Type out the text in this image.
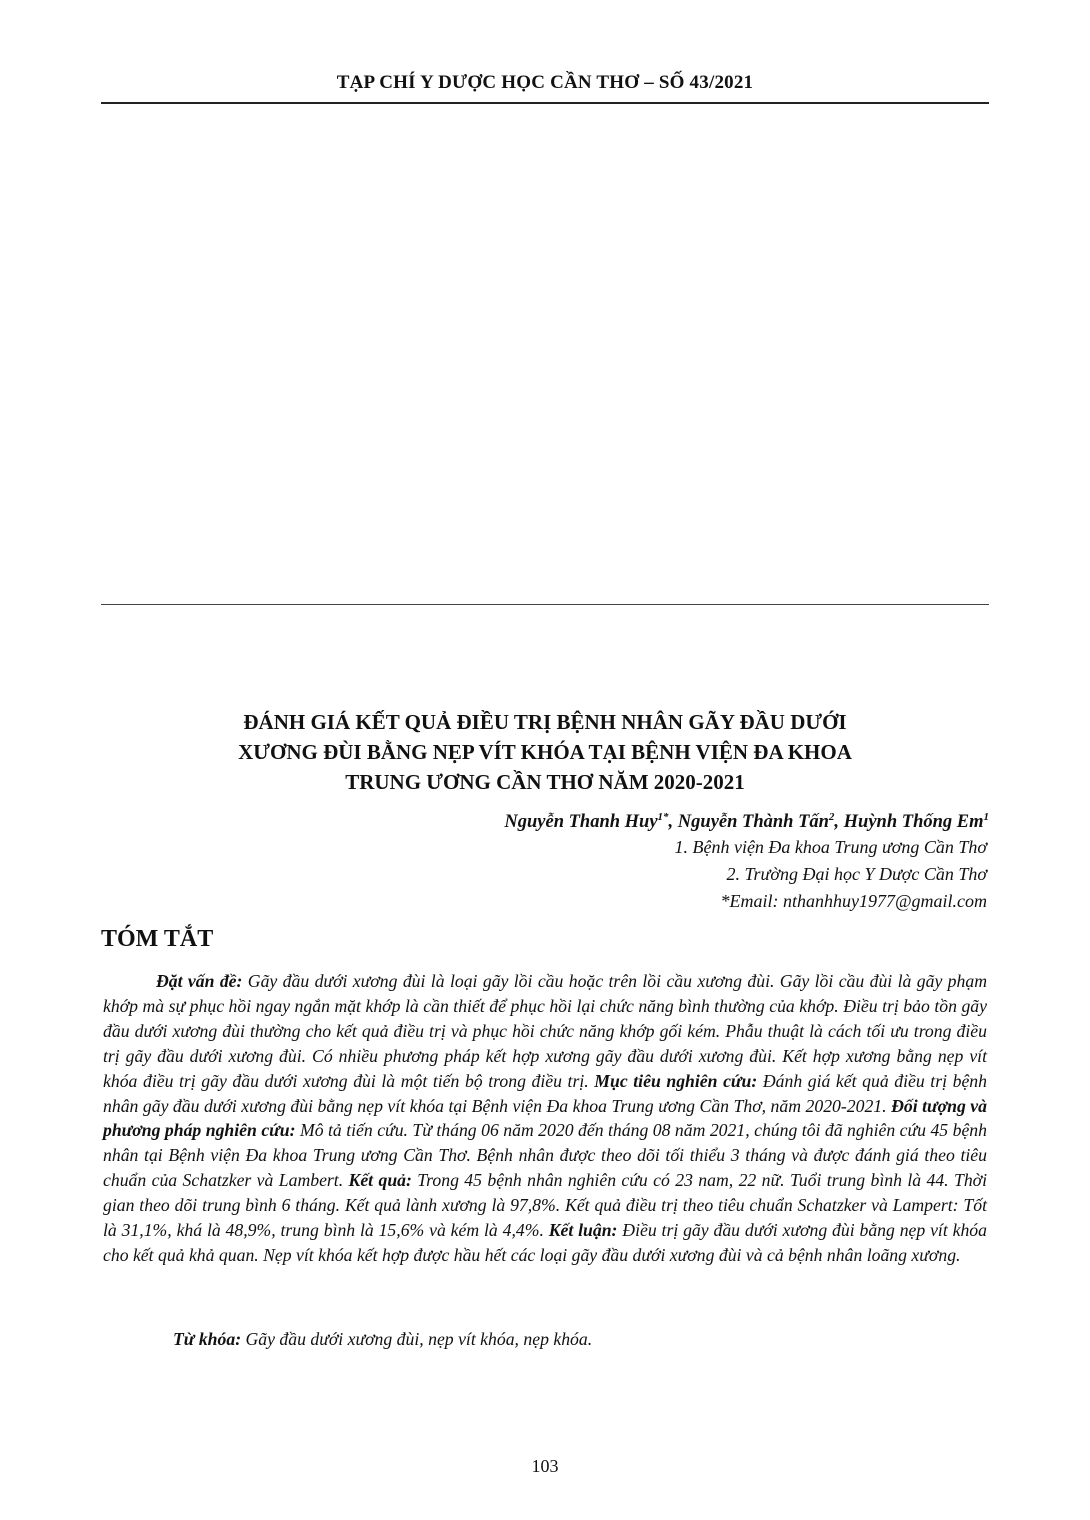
TẠP CHÍ Y DƯỢC HỌC CẦN THƠ – SỐ 43/2021
ĐÁNH GIÁ KẾT QUẢ ĐIỀU TRỊ BỆNH NHÂN GÃY ĐẦU DƯỚI
XƯƠNG ĐÙI BẰNG NẸP VÍT KHÓA TẠI BỆNH VIỆN ĐA KHOA
TRUNG ƯƠNG CẦN THƠ NĂM 2020-2021
Nguyễn Thanh Huy$^{1*}$, Nguyễn Thành Tấn$^2$, Huỳnh Thống Em$^1$
1. Bệnh viện Đa khoa Trung ương Cần Thơ
2. Trường Đại học Y Dược Cần Thơ
*Email: nthanhhuy1977@gmail.com
TÓM TẮT

Đặt vấn đề: Gãy đầu dưới xương đùi là loại gãy lồi cầu hoặc trên lồi cầu xương đùi. Gãy lồi cầu đùi là gãy phạm khớp mà sự phục hồi ngay ngắn mặt khớp là cần thiết để phục hồi lại chức năng bình thường của khớp. Điều trị bảo tồn gãy đầu dưới xương đùi thường cho kết quả điều trị và phục hồi chức năng khớp gối kém. Phẫu thuật là cách tối ưu trong điều trị gãy đầu dưới xương đùi. Có nhiều phương pháp kết hợp xương gãy đầu dưới xương đùi. Kết hợp xương bằng nẹp vít khóa điều trị gãy đầu dưới xương đùi là một tiến bộ trong điều trị. Mục tiêu nghiên cứu: Đánh giá kết quả điều trị bệnh nhân gãy đầu dưới xương đùi bằng nẹp vít khóa tại Bệnh viện Đa khoa Trung ương Cần Thơ, năm 2020-2021. Đối tượng và phương pháp nghiên cứu: Mô tả tiến cứu. Từ tháng 06 năm 2020 đến tháng 08 năm 2021, chúng tôi đã nghiên cứu 45 bệnh nhân tại Bệnh viện Đa khoa Trung ương Cần Thơ. Bệnh nhân được theo dõi tối thiểu 3 tháng và được đánh giá theo tiêu chuẩn của Schatzker và Lambert. Kết quả: Trong 45 bệnh nhân nghiên cứu có 23 nam, 22 nữ. Tuổi trung bình là 44. Thời gian theo dõi trung bình 6 tháng. Kết quả lành xương là 97,8%. Kết quả điều trị theo tiêu chuẩn Schatzker và Lampert: Tốt là 31,1%, khá là 48,9%, trung bình là 15,6% và kém là 4,4%. Kết luận: Điều trị gãy đầu dưới xương đùi bằng nẹp vít khóa cho kết quả khả quan. Nẹp vít khóa kết hợp được hầu hết các loại gãy đầu dưới xương đùi và cả bệnh nhân loãng xương.

Từ khóa: Gãy đầu dưới xương đùi, nẹp vít khóa, nẹp khóa.
103
